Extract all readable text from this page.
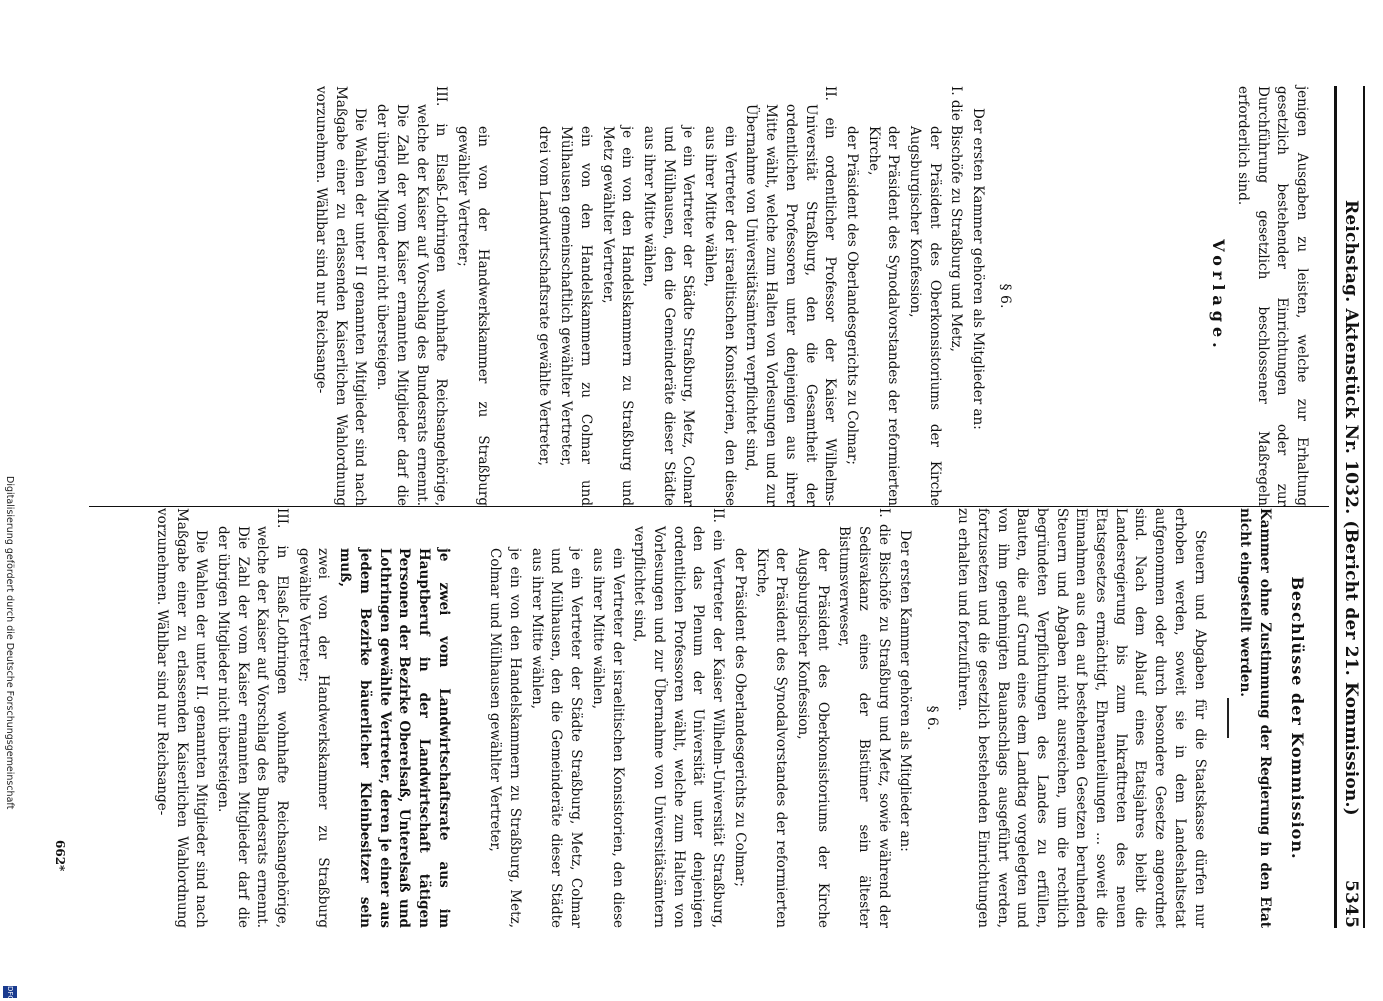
Reichstag. Aktenstück Nr. 1032. (Bericht der 21. Kommission.)
5345

jenigen Ausgaben zu leisten, welche zur Erhaltung gesetzlich bestehender Einrichtungen oder zur Durchführung gesetzlich beschlossener Maßregeln erforderlich sind.

Vorlage.
§ 6.

Der ersten Kammer gehören als Mitglieder an:

I. die Bischöfe zu Straßburg und Metz,

der Präsident des Oberkonsistoriums der Kirche Augsburgischer Konfession,

der Präsident des Synodalvorstandes der reformierten Kirche,

der Präsident des Oberlandesgerichts zu Colmar;

II. ein ordentlicher Professor der Kaiser Wilhelms-Universität Straßburg, den die Gesamtheit der ordentlichen Professoren unter denjenigen aus ihrer Mitte wählt, welche zum Halten von Vorlesungen und zur Übernahme von Universitätsämtern verpflichtet sind,

ein Vertreter der israelitischen Konsistorien, den diese aus ihrer Mitte wählen,

je ein Vertreter der Städte Straßburg, Metz, Colmar und Mülhausen, den die Gemeinderäte dieser Städte aus ihrer Mitte wählen,

je ein von den Handelskammern zu Straßburg und Metz gewählter Vertreter,

ein von den Handelskammern zu Colmar und Mülhausen gemeinschaftlich gewählter Vertreter,

drei vom Landwirtschaftsrate gewählte Vertreter,

ein von der Handwerkskammer zu Straßburg gewählter Vertreter;

III. in Elsaß-Lothringen wohnhafte Reichsangehörige, welche der Kaiser auf Vorschlag des Bundesrats ernennt. Die Zahl der vom Kaiser ernannten Mitglieder darf die der übrigen Mitglieder nicht übersteigen.

Die Wahlen der unter II genannten Mitglieder sind nach Maßgabe einer zu erlassenden Kaiserlichen Wahlordnung vorzunehmen. Wählbar sind nur Reichsange-

Beschlüsse der Kommission.

Kammer ohne Zustimmung der Regierung in den Etat nicht eingestellt werden.

Steuern und Abgaben für die Staatskasse dürfen nur erhoben werden, soweit sie in dem Landeshaltsetat aufgenommen oder durch besondere Gesetze angeordnet sind. Nach dem Ablauf eines Etatsjahres bleibt die Landesregierung bis zum Inkrafttreten des neuen Etatsgesetzes ermächtigt, Ehrenanteilungen ... soweit die Einnahmen aus den auf bestehenden Gesetzen beruhenden Steuern und Abgaben nicht ausreichen, um die rechtlich begründeten Verpflichtungen des Landes zu erfüllen, Bauten, die auf Grund eines dem Landtag vorgelegten und von ihm genehmigten Bauanschlags ausgeführt werden, fortzusetzen und die gesetzlich bestehenden Einrichtungen zu erhalten und fortzuführen.

§ 6.

Der ersten Kammer gehören als Mitglieder an:

I. die Bischöfe zu Straßburg und Metz, sowie während der Sedisvakanz eines der Bistümer sein ältester Bistumsverweser,

der Präsident des Oberkonsistoriums der Kirche Augsburgischer Konfession,

der Präsident des Synodalvorstandes der reformierten Kirche,

der Präsident des Oberlandesgerichts zu Colmar;

II. ein Vertreter der Kaiser Wilhelm-Universität Straßburg, den das Plenum der Universität unter denjenigen ordentlichen Professoren wählt, welche zum Halten von Vorlesungen und zur Übernahme von Universitätsämtern verpflichtet sind,

ein Vertreter der israelitischen Konsistorien, den diese aus ihrer Mitte wählen,

je ein Vertreter der Städte Straßburg, Metz, Colmar und Mülhausen, den die Gemeinderäte dieser Städte aus ihrer Mitte wählen,

je ein von den Handelskammern zu Straßburg, Metz, Colmar und Mülhausen gewählter Vertreter,

je zwei vom Landwirtschaftsrate aus im Hauptberuf in der Landwirtschaft tätigen Personen der Bezirke Oberelsaß, Unterelsaß und Lothringen gewählte Vertreter, deren je einer aus jedem Bezirke bäuerlicher Kleinbesitzer sein muß,

zwei von der Handwerkskammer zu Straßburg gewählte Vertreter;

III. in Elsaß-Lothringen wohnhafte Reichsangehörige, welche der Kaiser auf Vorschlag des Bundesrats ernennt. Die Zahl der vom Kaiser ernannten Mitglieder darf die der übrigen Mitglieder nicht übersteigen.

Die Wahlen der unter II. genannten Mitglieder sind nach Maßgabe einer zu erlassenden Kaiserlichen Wahlordnung vorzunehmen. Wählbar sind nur Reichsange-

662*
Digitalisierung gefördert durch die Deutsche Forschungsgemeinschaft
DFG
